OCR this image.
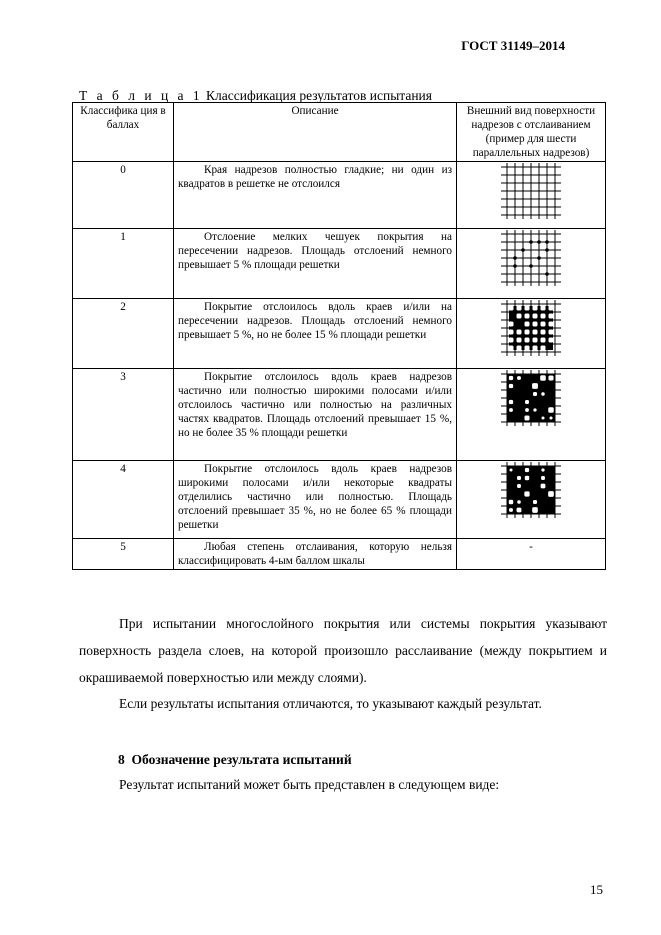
ГОСТ 31149–2014
Т а б л и ц а 1 Классификация результатов испытания
Классифика ция в баллах	Описание	Внешний вид поверхности надрезов с отслаиванием (пример для шести параллельных надрезов)
0	Края надрезов полностью гладкие; ни один из квадратов в решетке не отслоился	

1	Отслоение мелких чешуек покрытия на пересечении надрезов. Площадь отслоений немного превышает 5 % площади решетки	

2	Покрытие отслоилось вдоль краев и/или на пересечении надрезов. Площадь отслоений немного превышает 5 %, но не более 15 % площади решетки	

3	Покрытие отслоилось вдоль краев надрезов частично или полностью широкими полосами и/или отслоилось частично или полностью на различных частях квадратов. Площадь отслоений превышает 15 %, но не более 35 % площади решетки	

4	Покрытие отслоилось вдоль краев надрезов широкими полосами и/или некоторые квадраты отделились частично или полностью. Площадь отслоений превышает 35 %, но не более 65 % площади решетки	

5	Любая степень отслаивания, которую нельзя классифицировать 4-ым баллом шкалы	-
При испытании многослойного покрытия или системы покрытия указывают поверхность раздела слоев, на которой произошло расслаивание (между покрытием и окрашиваемой поверхностью или между слоями).
Если результаты испытания отличаются, то указывают каждый результат.
8 Обозначение результата испытаний
Результат испытаний может быть представлен в следующем виде:
15
